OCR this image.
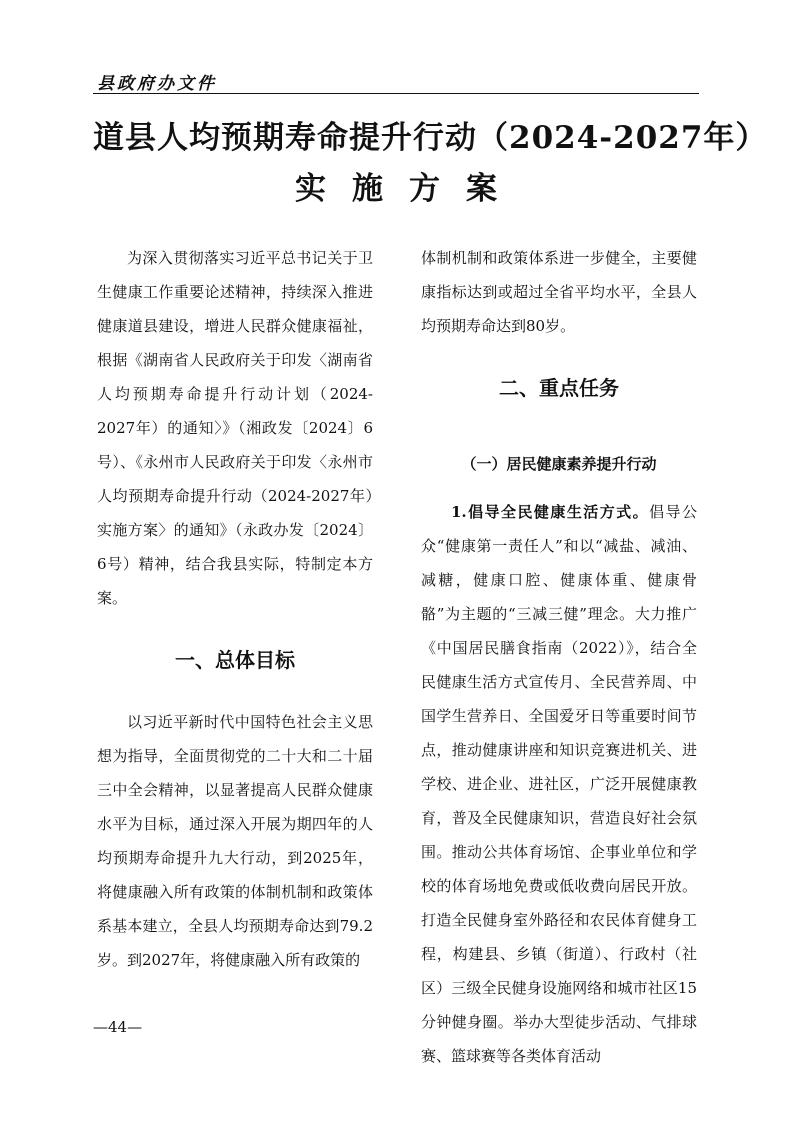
县政府办文件
道县人均预期寿命提升行动（2024-2027年）
实施方案

为深入贯彻落实习近平总书记关于卫生健康工作重要论述精神，持续深入推进健康道县建设，增进人民群众健康福祉，根据《湖南省人民政府关于印发〈湖南省人均预期寿命提升行动计划（2024-2027年）的通知〉》（湘政发〔2024〕6号）、《永州市人民政府关于印发〈永州市人均预期寿命提升行动（2024-2027年）实施方案〉的通知》（永政办发〔2024〕6号）精神，结合我县实际，特制定本方案。

一、总体目标

以习近平新时代中国特色社会主义思想为指导，全面贯彻党的二十大和二十届三中全会精神，以显著提高人民群众健康水平为目标，通过深入开展为期四年的人均预期寿命提升九大行动，到2025年，将健康融入所有政策的体制机制和政策体系基本建立，全县人均预期寿命达到79.2岁。到2027年，将健康融入所有政策的

体制机制和政策体系进一步健全，主要健康指标达到或超过全省平均水平，全县人均预期寿命达到80岁。

二、重点任务
（一）居民健康素养提升行动

1.倡导全民健康生活方式。倡导公众“健康第一责任人”和以“减盐、减油、减糖，健康口腔、健康体重、健康骨骼”为主题的“三减三健”理念。大力推广《中国居民膳食指南（2022）》，结合全民健康生活方式宣传月、全民营养周、中国学生营养日、全国爱牙日等重要时间节点，推动健康讲座和知识竞赛进机关、进学校、进企业、进社区，广泛开展健康教育，普及全民健康知识，营造良好社会氛围。推动公共体育场馆、企事业单位和学校的体育场地免费或低收费向居民开放。打造全民健身室外路径和农民体育健身工程，构建县、乡镇（街道）、行政村（社区）三级全民健身设施网络和城市社区15分钟健身圈。举办大型徒步活动、气排球赛、篮球赛等各类体育活动

—44—
